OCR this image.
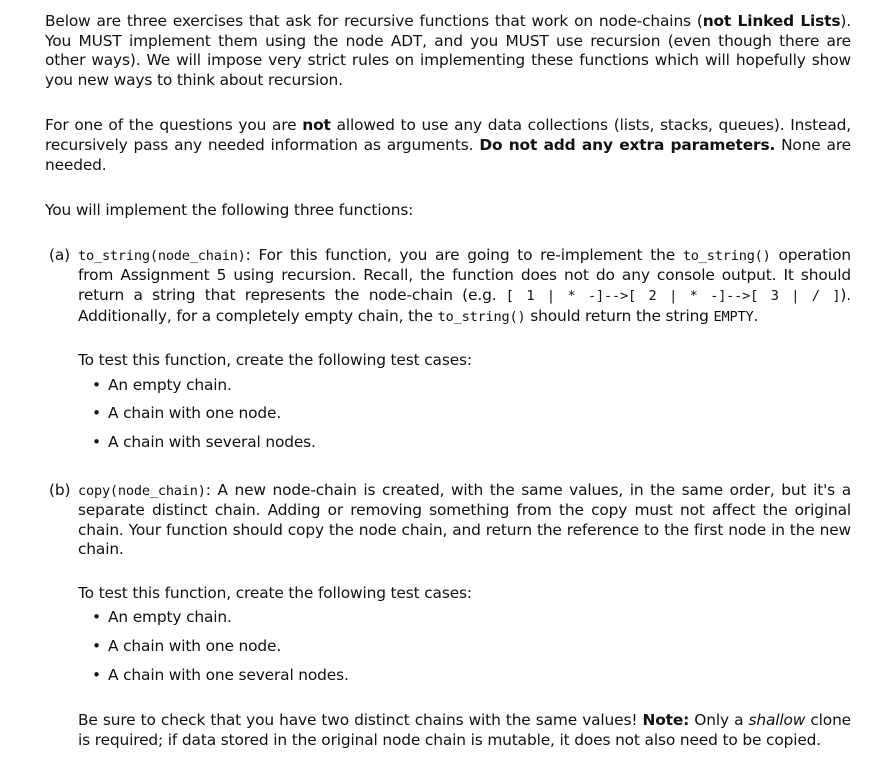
Below are three exercises that ask for recursive functions that work on node-chains (not Linked Lists). You MUST implement them using the node ADT, and you MUST use recursion (even though there are other ways). We will impose very strict rules on implementing these functions which will hopefully show you new ways to think about recursion.

For one of the questions you are not allowed to use any data collections (lists, stacks, queues). Instead, recursively pass any needed information as arguments. Do not add any extra parameters. None are needed.

You will implement the following three functions:

(a) to_string(node_chain): For this function, you are going to re-implement the to_string() operation from Assignment 5 using recursion. Recall, the function does not do any console output. It should return a string that represents the node-chain (e.g. [ 1 | * -]-->[ 2 | * -]-->[ 3 | / ]). Additionally, for a completely empty chain, the to_string() should return the string EMPTY.

To test this function, create the following test cases:

• An empty chain.
• A chain with one node.
• A chain with several nodes.
(b) copy(node_chain): A new node-chain is created, with the same values, in the same order, but it's a separate distinct chain. Adding or removing something from the copy must not affect the original chain. Your function should copy the node chain, and return the reference to the first node in the new chain.

To test this function, create the following test cases:

• An empty chain.
• A chain with one node.
• A chain with one several nodes.

Be sure to check that you have two distinct chains with the same values! Note: Only a shallow clone is required; if data stored in the original node chain is mutable, it does not also need to be copied.
